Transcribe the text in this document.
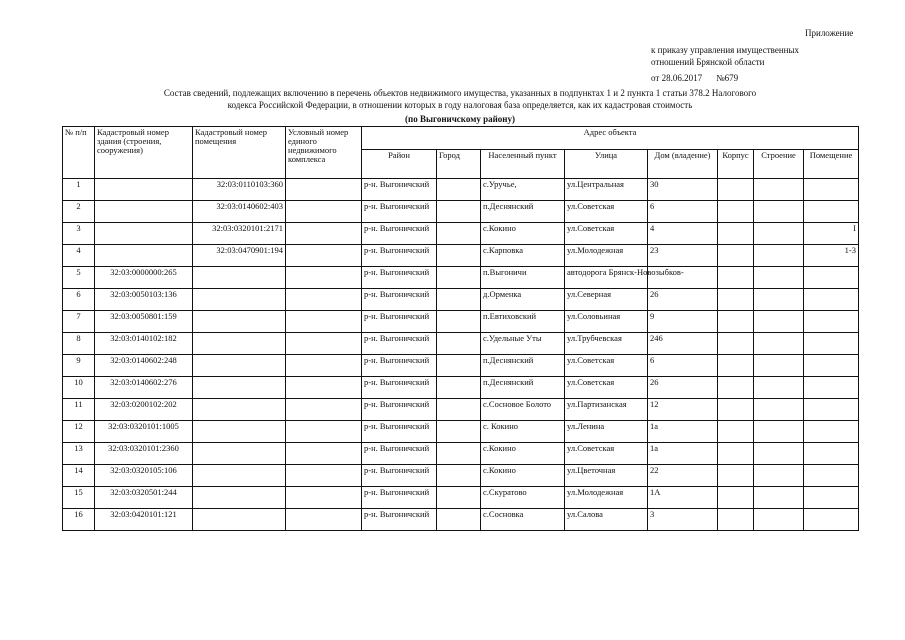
Приложение
к приказу управления имущественных
отношений Брянской области
от 28.06.2017 №679
Состав сведений, подлежащих включению в перечень объектов недвижимого имущества, указанных в подпунктах 1 и 2 пункта 1 статьи 378.2 Налогового
кодекса Российской Федерации, в отношении которых в году налоговая база определяется, как их кадастровая стоимость
(по Выгоничскому району)
№ п/п	Кадастровый номер здания (строения, сооружения)	Кадастровый номер помещения	Условный номер единого недвижимого комплекса	Адрес объекта							
				Район	Город	Населенный пункт	Улица	Дом (владение)	Корпус	Строение	Помещение
1		32:03:0110103:360		р-н. Выгоничский		с.Уручье,	ул.Центральная	30			
2		32:03:0140602:403		р-н. Выгоничский		п.Деснянский	ул.Советская	6			
3		32:03:0320101:2171		р-н. Выгоничский		с.Кокино	ул.Советская	4			I
4		32:03:0470901:194		р-н. Выгоничский		с.Карповка	ул.Молодежная	23			1-3
5	32:03:0000000:265			р-н. Выгоничский		п.Выгоничи	автодорога Брянск-Новозыбков-				
6	32:03:0050103:136			р-н. Выгоничский		д.Орменка	ул.Северная	26			
7	32:03:0050801:159			р-н. Выгоничский		п.Евтиховский	ул.Соловьиная	9			
8	32:03:0140102:182			р-н. Выгоничский		с.Удельные Уты	ул.Трубчевская	246			
9	32:03:0140602:248			р-н. Выгоничский		п.Деснянский	ул.Советская	6			
10	32:03:0140602:276			р-н. Выгоничский		п.Деснянский	ул.Советская	26			
11	32:03:0200102:202			р-н. Выгоничский		с.Сосновое Болото	ул.Партизанская	12			
12	32:03:0320101:1005			р-н. Выгоничский		с. Кокино	ул.Ленина	1а			
13	32:03:0320101:2360			р-н. Выгоничский		с.Кокино	ул.Советская	1а			
14	32:03:0320105:106			р-н. Выгоничский		с.Кокино	ул.Цветочная	22			
15	32:03:0320501:244			р-н. Выгоничский		с.Скуратово	ул.Молодежная	1А			
16	32:03:0420101:121			р-н. Выгоничский		с.Сосновка	ул.Салова	3			
